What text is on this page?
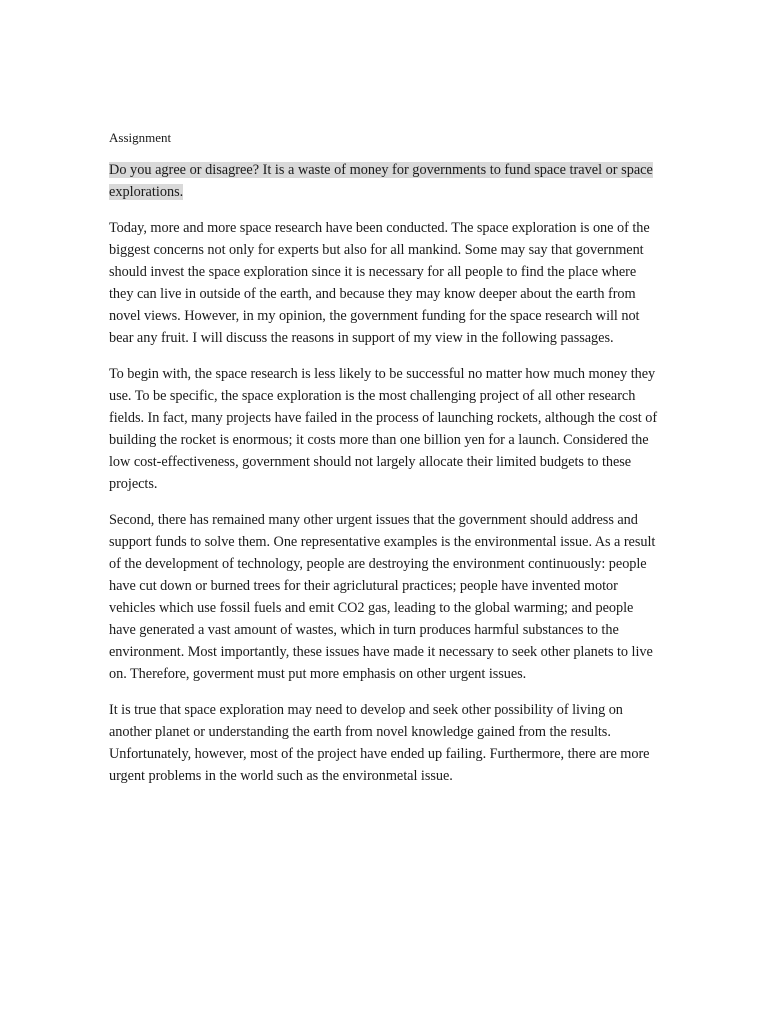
Assignment

Do you agree or disagree? It is a waste of money for governments to fund space travel or space explorations.

Today, more and more space research have been conducted. The space exploration is one of the biggest concerns not only for experts but also for all mankind. Some may say that government should invest the space exploration since it is necessary for all people to find the place where they can live in outside of the earth, and because they may know deeper about the earth from novel views. However, in my opinion, the government funding for the space research will not bear any fruit. I will discuss the reasons in support of my view in the following passages.

To begin with, the space research is less likely to be successful no matter how much money they use. To be specific, the space exploration is the most challenging project of all other research fields. In fact, many projects have failed in the process of launching rockets, although the cost of building the rocket is enormous; it costs more than one billion yen for a launch. Considered the low cost-effectiveness, government should not largely allocate their limited budgets to these projects.

Second, there has remained many other urgent issues that the government should address and support funds to solve them. One representative examples is the environmental issue. As a result of the development of technology, people are destroying the environment continuously: people have cut down or burned trees for their agriclutural practices; people have invented motor vehicles which use fossil fuels and emit CO2 gas, leading to the global warming; and people have generated a vast amount of wastes, which in turn produces harmful substances to the environment. Most importantly, these issues have made it necessary to seek other planets to live on. Therefore, goverment must put more emphasis on other urgent issues.

It is true that space exploration may need to develop and seek other possibility of living on another planet or understanding the earth from novel knowledge gained from the results. Unfortunately, however, most of the project have ended up failing. Furthermore, there are more urgent problems in the world such as the environmetal issue.
